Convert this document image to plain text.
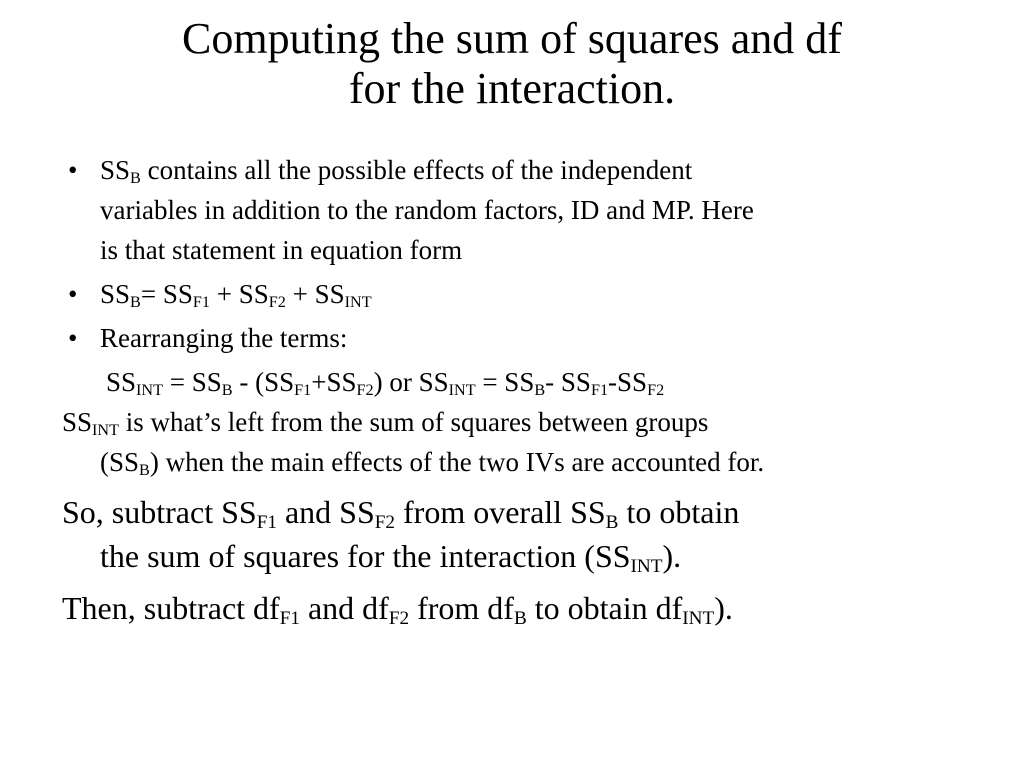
Computing the sum of squares and df
for the interaction.
• $SS_B$ contains all the possible effects of the independent
variables in addition to the random factors, ID and MP. Here
is that statement in equation form
• $SS_B= SS_{F1} + SS_{F2} + SS_{INT}$
• Rearranging the terms:
$SS_{INT} = SS_B - (SS_{F1}+SS_{F2})$ or $SS_{INT} = SS_B-$ $SS_{F1}-SS_{F2}$
$SS_{INT}$ is what’s left from the sum of squares between groups
$(SS_B)$ when the main effects of the two IVs are accounted for.
So, subtract $SS_{F1}$ and $SS_{F2}$ from overall $SS_B$ to obtain
the sum of squares for the interaction $(SS_{INT})$.
Then, subtract $df_{F1}$ and $df_{F2}$ from $df_B$ to obtain $df_{INT}$).
